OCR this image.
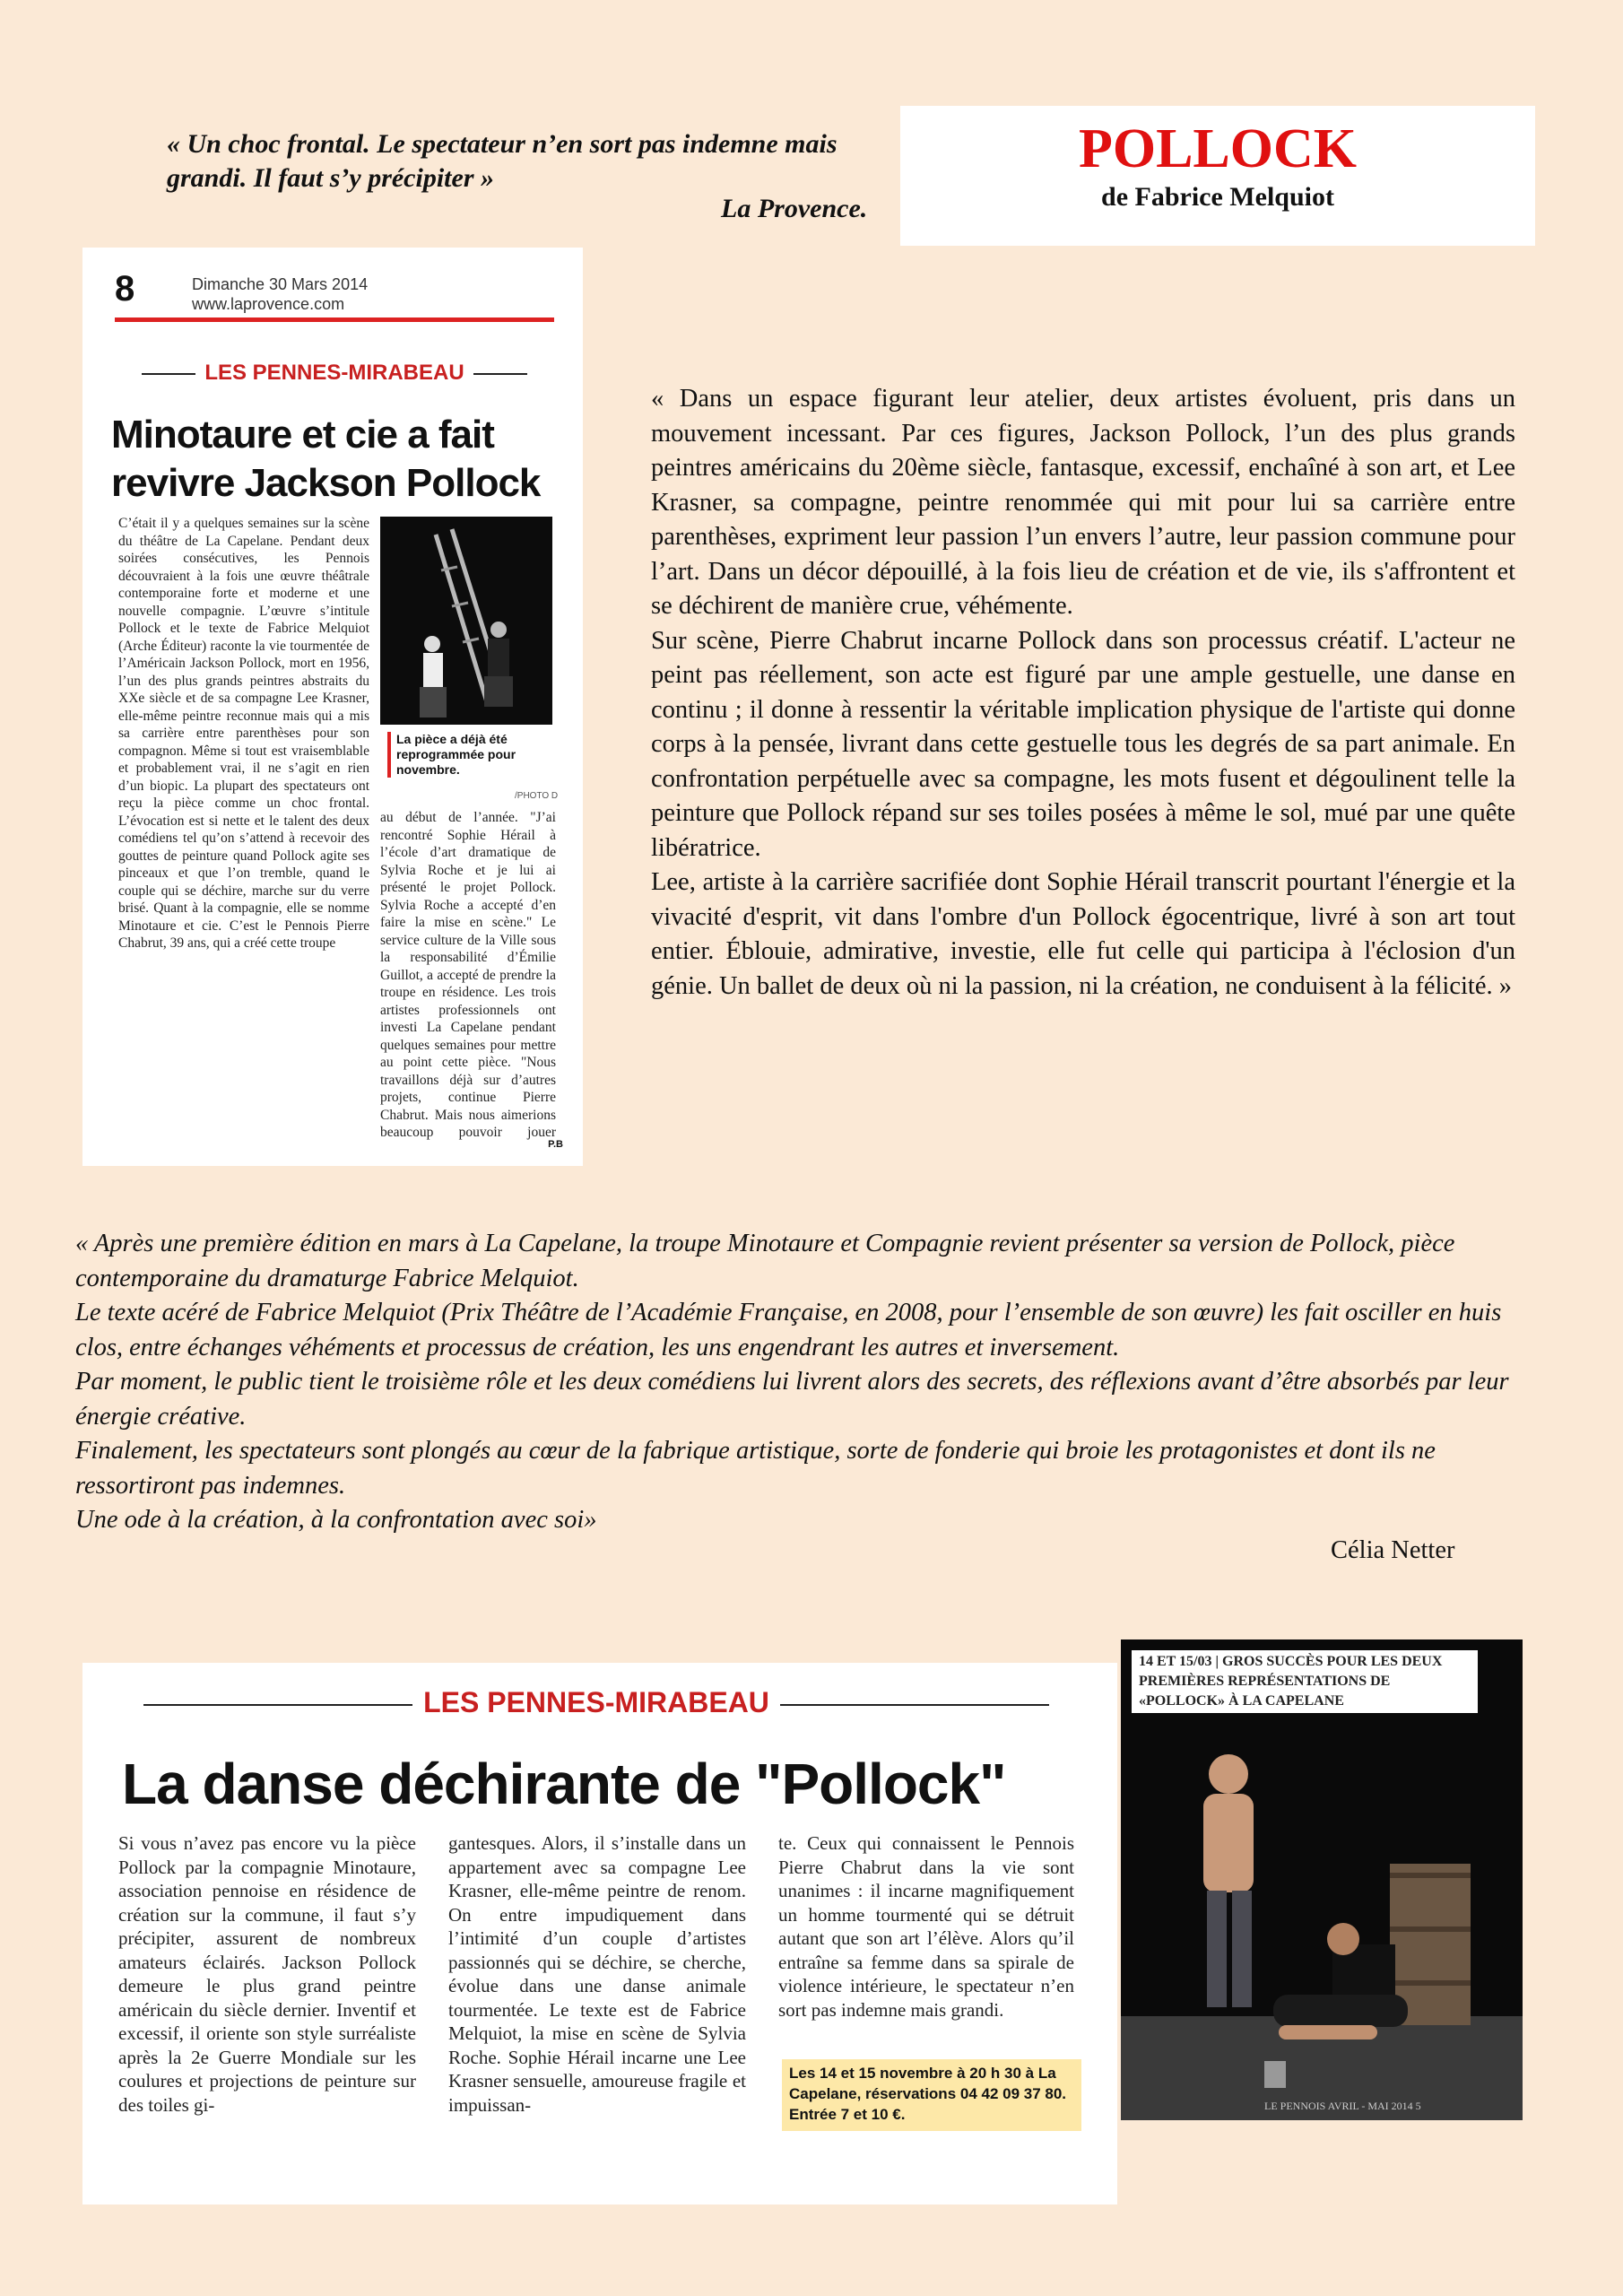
« Un choc frontal. Le spectateur n’en sort pas indemne mais grandi. Il faut s’y précipiter »
La Provence.
POLLOCK
de Fabrice Melquiot
8	Dimanche 30 Mars 2014
www.laprovence.com
LES PENNES-MIRABEAU
Minotaure et cie a fait revivre Jackson Pollock
C’était il y a quelques semaines sur la scène du théâtre de La Capelane. Pendant deux soirées consécutives, les Pennois découvraient à la fois une œuvre théâtrale contemporaine forte et moderne et une nouvelle compagnie. L’œuvre s’intitule Pollock et le texte de Fabrice Melquiot (Arche Éditeur) raconte la vie tourmentée de l’Américain Jackson Pollock, mort en 1956, l’un des plus grands peintres abstraits du XXe siècle et de sa compagne Lee Krasner, elle-même peintre reconnue mais qui a mis sa carrière entre parenthèses pour son compagnon. Même si tout est vraisemblable et probablement vrai, il ne s’agit en rien d’un biopic. La plupart des spectateurs ont reçu la pièce comme un choc frontal. L’évocation est si nette et le talent des deux comédiens tel qu’on s’attend à recevoir des gouttes de peinture quand Pollock agite ses pinceaux et que l’on tremble, quand le couple qui se déchire, marche sur du verre brisé. Quant à la compagnie, elle se nomme Minotaure et cie. C’est le Pennois Pierre Chabrut, 39 ans, qui a créé cette troupe
La pièce a déjà été reprogrammée pour novembre.
/PHOTO D
au début de l’année. "J’ai rencontré Sophie Hérail à l’école d’art dramatique de Sylvia Roche et je lui ai présenté le projet Pollock. Sylvia Roche a accepté d’en faire la mise en scène." Le service culture de la Ville sous la responsabilité d’Émilie Guillot, a accepté de prendre la troupe en résidence. Les trois artistes professionnels ont investi La Capelane pendant quelques semaines pour mettre au point cette pièce. "Nous travaillons déjà sur d’autres projets, continue Pierre Chabrut. Mais nous aimerions beaucoup pouvoir jouer
P.B

« Dans un espace figurant leur atelier, deux artistes évoluent, pris dans un mouvement incessant. Par ces figures, Jackson Pollock, l’un des plus grands peintres américains du 20ème siècle, fantasque, excessif, enchaîné à son art, et Lee Krasner, sa compagne, peintre renommée qui mit pour lui sa carrière entre parenthèses, expriment leur passion l’un envers l’autre, leur passion commune pour l’art. Dans un décor dépouillé, à la fois lieu de création et de vie, ils s'affrontent et se déchirent de manière crue, véhémente.

Sur scène, Pierre Chabrut incarne Pollock dans son processus créatif. L'acteur ne peint pas réellement, son acte est figuré par une ample gestuelle, une danse en continu ; il donne à ressentir la véritable implication physique de l'artiste qui donne corps à la pensée, livrant dans cette gestuelle tous les degrés de sa part animale. En confrontation perpétuelle avec sa compagne, les mots fusent et dégoulinent telle la peinture que Pollock répand sur ses toiles posées à même le sol, mué par une quête libératrice.

Lee, artiste à la carrière sacrifiée dont Sophie Hérail transcrit pourtant l'énergie et la vivacité d'esprit, vit dans l'ombre d'un Pollock égocentrique, livré à son art tout entier. Éblouie, admirative, investie, elle fut celle qui participa à l'éclosion d'un génie. Un ballet de deux où ni la passion, ni la création, ne conduisent à la félicité. »

« Après une première édition en mars à La Capelane, la troupe Minotaure et Compagnie revient présenter sa version de Pollock, pièce contemporaine du dramaturge Fabrice Melquiot.

Le texte acéré de Fabrice Melquiot (Prix Théâtre de l’Académie Française, en 2008, pour l’ensemble de son œuvre) les fait osciller en huis clos, entre échanges véhéments et processus de création, les uns engendrant les autres et inversement.

Par moment, le public tient le troisième rôle et les deux comédiens lui livrent alors des secrets, des réflexions avant d’être absorbés par leur énergie créative.

Finalement, les spectateurs sont plongés au cœur de la fabrique artistique, sorte de fonderie qui broie les protagonistes et dont ils ne ressortiront pas indemnes.

Une ode à la création, à la confrontation avec soi»

Célia Netter
LES PENNES-MIRABEAU
La danse déchirante de "Pollock"
Si vous n’avez pas encore vu la pièce Pollock par la compagnie Minotaure, association pennoise en résidence de création sur la commune, il faut s’y précipiter, assurent de nombreux amateurs éclairés. Jackson Pollock demeure le plus grand peintre américain du siècle dernier. Inventif et excessif, il oriente son style surréaliste après la 2e Guerre Mondiale sur les coulures et projections de peinture sur des toiles gi-
gantesques. Alors, il s’installe dans un appartement avec sa compagne Lee Krasner, elle-même peintre de renom. On entre impudiquement dans l’intimité d’un couple d’artistes passionnés qui se déchire, se cherche, évolue dans une danse animale tourmentée. Le texte est de Fabrice Melquiot, la mise en scène de Sylvia Roche. Sophie Hérail incarne une Lee Krasner sensuelle, amoureuse fragile et impuissan-
te. Ceux qui connaissent le Pennois Pierre Chabrut dans la vie sont unanimes : il incarne magnifiquement un homme tourmenté qui se détruit autant que son art l’élève. Alors qu’il entraîne sa femme dans sa spirale de violence intérieure, le spectateur n’en sort pas indemne mais grandi.
Les 14 et 15 novembre à 20 h 30 à La Capelane, réservations 04 42 09 37 80. Entrée 7 et 10 €.
14 ET 15/03 | GROS SUCCÈS POUR LES DEUX PREMIÈRES REPRÉSENTATIONS DE «POLLOCK» À LA CAPELANE
LE PENNOIS AVRIL - MAI 2014 5
